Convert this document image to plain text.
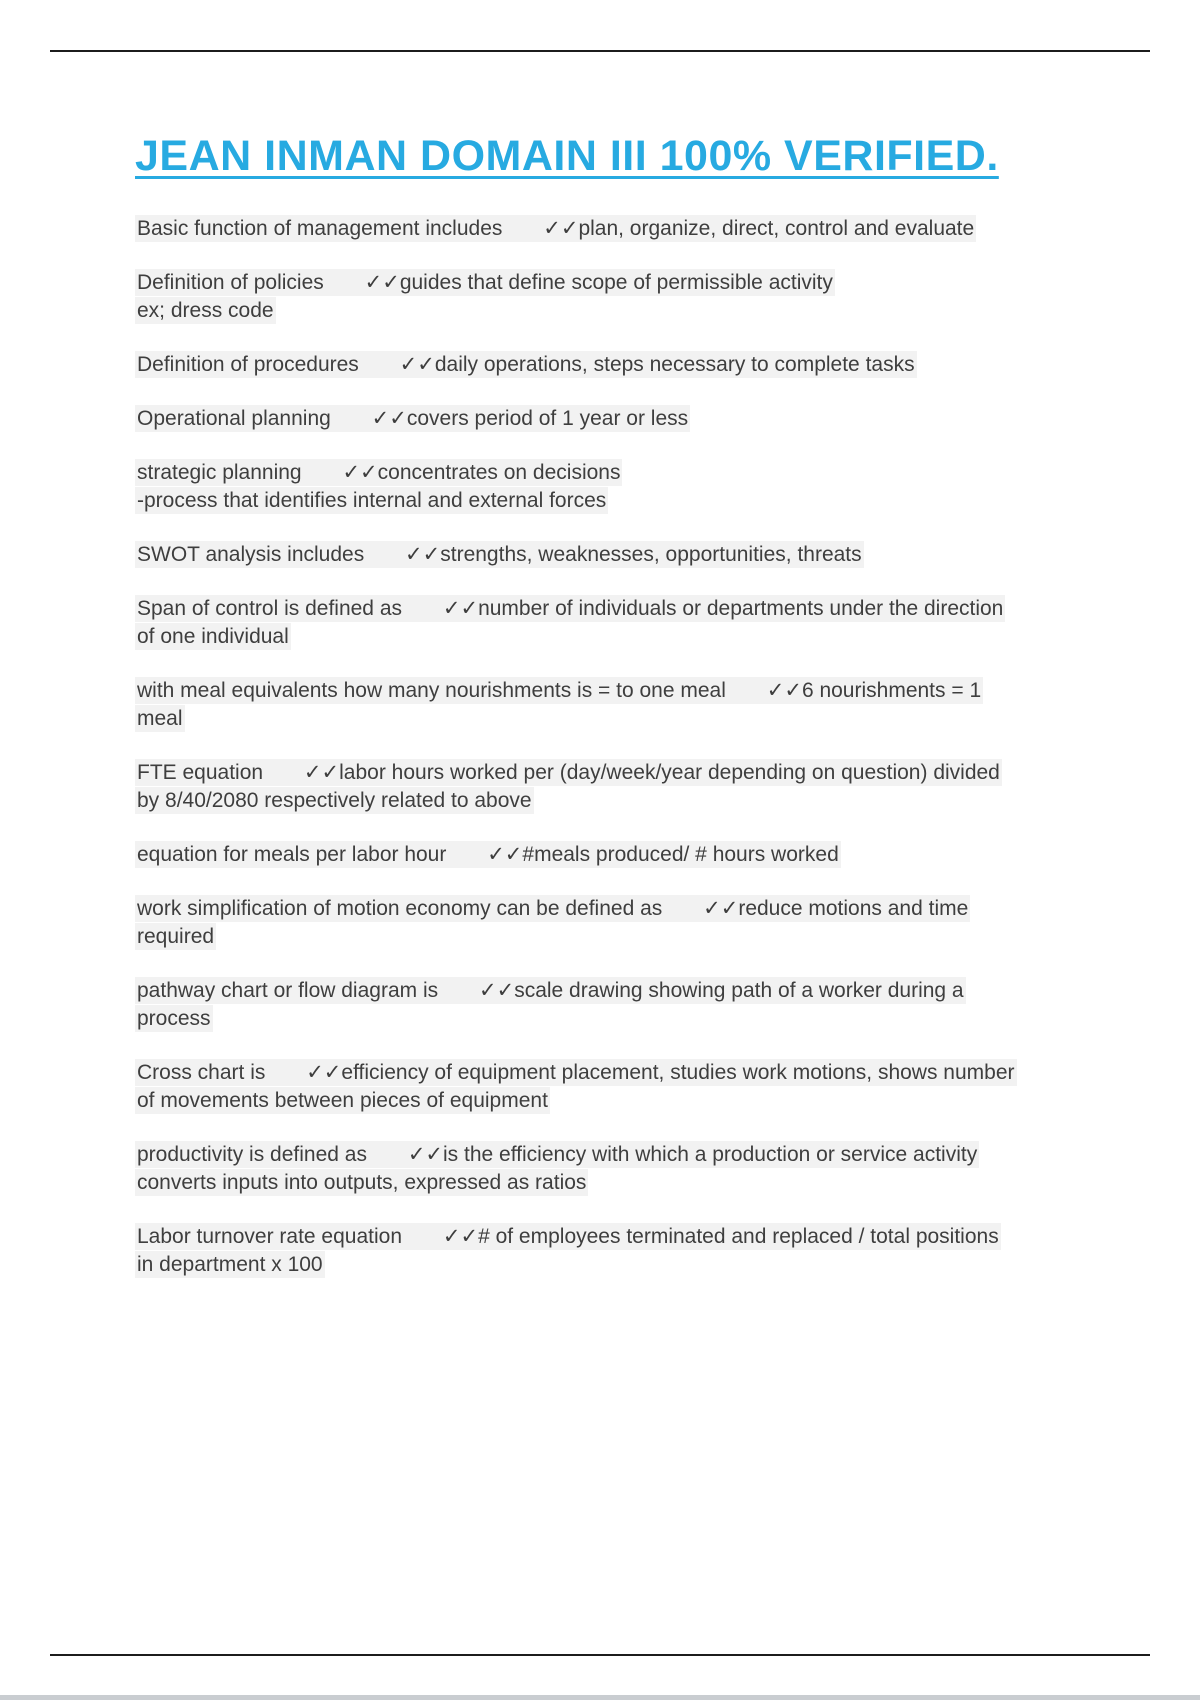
JEAN INMAN DOMAIN III 100% VERIFIED.

Basic function of management includes ✓✓plan, organize, direct, control and evaluate

Definition of policies ✓✓guides that define scope of permissible activity
ex; dress code

Definition of procedures ✓✓daily operations, steps necessary to complete tasks

Operational planning ✓✓covers period of 1 year or less

strategic planning ✓✓concentrates on decisions
-process that identifies internal and external forces

SWOT analysis includes ✓✓strengths, weaknesses, opportunities, threats

Span of control is defined as ✓✓number of individuals or departments under the direction of one individual

with meal equivalents how many nourishments is = to one meal ✓✓6 nourishments = 1 meal

FTE equation ✓✓labor hours worked per (day/week/year depending on question) divided by 8/40/2080 respectively related to above

equation for meals per labor hour ✓✓#meals produced/ # hours worked

work simplification of motion economy can be defined as ✓✓reduce motions and time required

pathway chart or flow diagram is ✓✓scale drawing showing path of a worker during a process

Cross chart is ✓✓efficiency of equipment placement, studies work motions, shows number of movements between pieces of equipment

productivity is defined as ✓✓is the efficiency with which a production or service activity converts inputs into outputs, expressed as ratios

Labor turnover rate equation ✓✓# of employees terminated and replaced / total positions in department x 100
